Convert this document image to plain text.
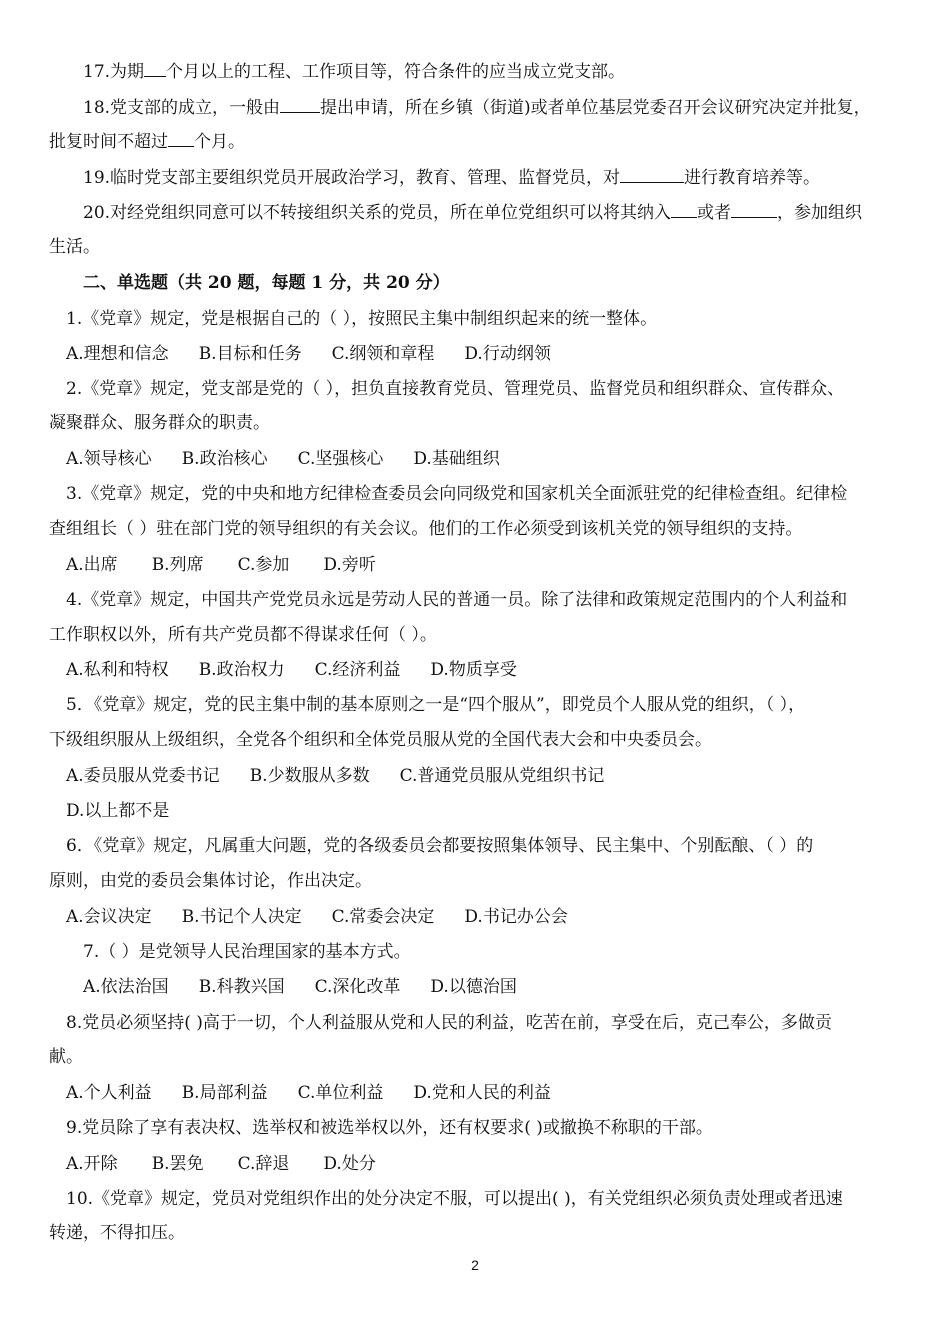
17.为期 个月以上的工程、工作项目等，符合条件的应当成立党支部。
18.党支部的成立，一般由 提出申请，所在乡镇（街道)或者单位基层党委召开会议研究决定并批复，
批复时间不超过 个月。
19.临时党支部主要组织党员开展政治学习，教育、管理、监督党员，对	进行教育培养等。
20.对经党组织同意可以不转接组织关系的党员，所在单位党组织可以将其纳入 或者	，参加组织
生活。
二、单选题（共 20 题，每题 1 分，共 20 分）
1.《党章》规定，党是根据自己的（ ），按照民主集中制组织起来的统一整体。
A.理想和信念 B.目标和任务 C.纲领和章程 D.行动纲领
2.《党章》规定，党支部是党的（ ），担负直接教育党员、管理党员、监督党员和组织群众、宣传群众、
凝聚群众、服务群众的职责。
A.领导核心 B.政治核心 C.坚强核心 D.基础组织
3.《党章》规定，党的中央和地方纪律检查委员会向同级党和国家机关全面派驻党的纪律检查组。纪律检
查组组长（ ）驻在部门党的领导组织的有关会议。他们的工作必须受到该机关党的领导组织的支持。
A.出席 B.列席 C.参加 D.旁听
4.《党章》规定，中国共产党党员永远是劳动人民的普通一员。除了法律和政策规定范围内的个人利益和
工作职权以外，所有共产党员都不得谋求任何（ ）。
A.私利和特权 B.政治权力 C.经济利益 D.物质享受
5．《党章》规定，党的民主集中制的基本原则之一是“四个服从”，即党员个人服从党的组织，（ ），
下级组织服从上级组织，全党各个组织和全体党员服从党的全国代表大会和中央委员会。
A.委员服从党委书记 B.少数服从多数 C.普通党员服从党组织书记
D.以上都不是
6．《党章》规定，凡属重大问题，党的各级委员会都要按照集体领导、民主集中、个别酝酿、（ ）的
原则，由党的委员会集体讨论，作出决定。
A.会议决定 B.书记个人决定 C.常委会决定 D.书记办公会
7.（ ）是党领导人民治理国家的基本方式。
A.依法治国 B.科教兴国 C.深化改革 D.以德治国
8.党员必须坚持( )高于一切，个人利益服从党和人民的利益，吃苦在前，享受在后，克己奉公，多做贡
献。
A.个人利益 B.局部利益 C.单位利益 D.党和人民的利益
9.党员除了享有表决权、选举权和被选举权以外，还有权要求( )或撤换不称职的干部。
A.开除 B.罢免 C.辞退 D.处分
10.《党章》规定，党员对党组织作出的处分决定不服，可以提出( )，有关党组织必须负责处理或者迅速
转递，不得扣压。
2
